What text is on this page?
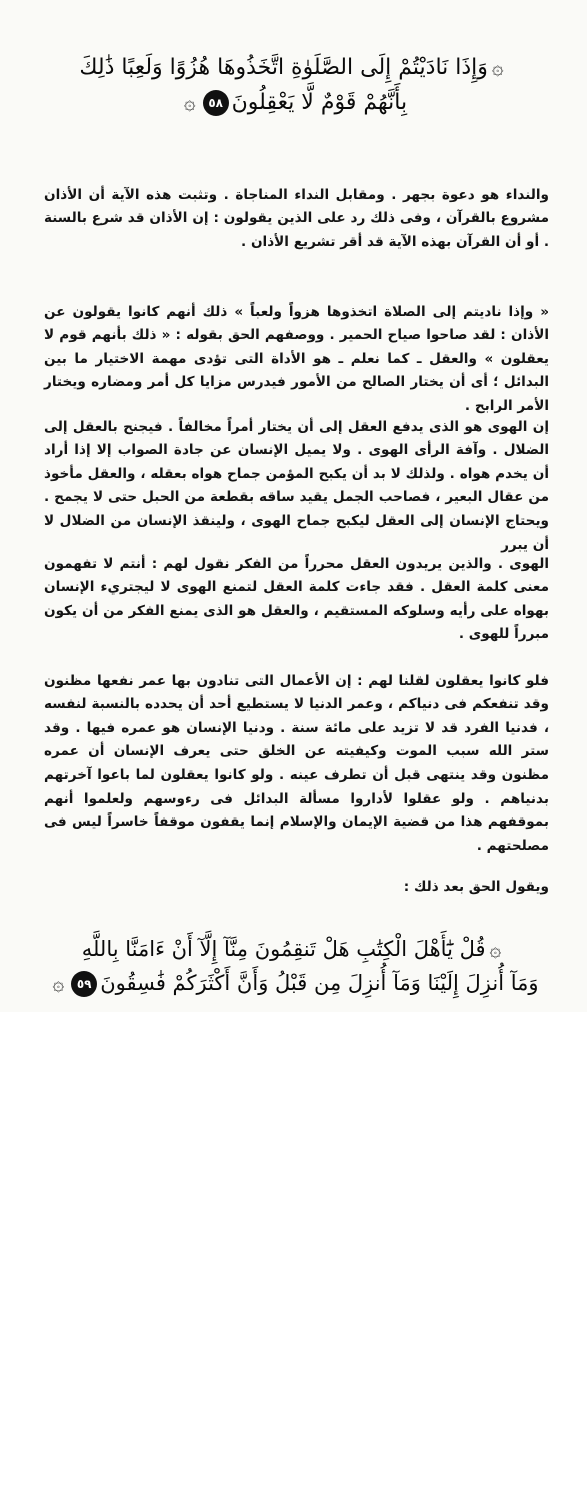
۞وَإِذَا نَادَيْتُمْ إِلَى الصَّلَوٰةِ اتَّخَذُوهَا هُزُوًا وَلَعِبًا ذَٰلِكَ
بِأَنَّهُمْ قَوْمٌ لَّا يَعْقِلُونَ٥٨۞

والنداء هو دعوة بجهر . ومقابل النداء المناجاة . وتثبت هذه الآية أن الأذان مشروع بالقرآن ، وفى ذلك رد على الذين يقولون : إن الأذان قد شرع بالسنة . أو أن القرآن بهذه الآية قد أقر تشريع الأذان .

« وإذا ناديتم إلى الصلاة اتخذوها هزواً ولعباً » ذلك أنهم كانوا يقولون عن الأذان : لقد صاحوا صياح الحمير . ووصفهم الحق بقوله : « ذلك بأنهم قوم لا يعقلون » والعقل ـ كما نعلم ـ هو الأداة التى تؤدى مهمة الاختيار ما بين البدائل ؛ أى أن يختار الصالح من الأمور فيدرس مزايا كل أمر ومضاره ويختار الأمر الرابح .

إن الهوى هو الذى يدفع العقل إلى أن يختار أمراً مخالفاً . فيجنح بالعقل إلى الضلال . وآفة الرأى الهوى . ولا يميل الإنسان عن جادة الصواب إلا إذا أراد أن يخدم هواه . ولذلك لا بد أن يكبح المؤمن جماح هواه بعقله ، والعقل مأخوذ من عقال البعير ، فصاحب الجمل يقيد ساقه بقطعة من الحبل حتى لا يجمح . ويحتاج الإنسان إلى العقل ليكبح جماح الهوى ، ولينقذ الإنسان من الضلال لا أن يبرر

الهوى . والذين يريدون العقل محرراً من الفكر نقول لهم : أنتم لا تفهمون معنى كلمة العقل . فقد جاءت كلمة العقل لتمنع الهوى لا ليجتريء الإنسان بهواه على رأيه وسلوكه المستقيم ، والعقل هو الذى يمنع الفكر من أن يكون مبرراً للهوى .

فلو كانوا يعقلون لقلنا لهم : إن الأعمال التى تنادون بها عمر نفعها مظنون وقد تنفعكم فى دنياكم ، وعمر الدنيا لا يستطيع أحد أن يحدده بالنسبة لنفسه ، فدنيا الفرد قد لا تزيد على مائة سنة . ودنيا الإنسان هو عمره فيها . وقد ستر الله سبب الموت وكيفيته عن الخلق حتى يعرف الإنسان أن عمره مظنون وقد ينتهى قبل أن تطرف عينه . ولو كانوا يعقلون لما باعوا آخرتهم بدنياهم . ولو عقلوا لأداروا مسألة البدائل فى رءوسهم ولعلموا أنهم بموقفهم هذا من قضية الإيمان والإسلام إنما يقفون موقفاً خاسراً ليس فى مصلحتهم .

ويقول الحق بعد ذلك :

۞قُلْ يَٰٓأَهْلَ الْكِتَٰبِ هَلْ تَنقِمُونَ مِنَّآ إِلَّآ أَنْ ءَامَنَّا بِاللَّهِ
وَمَآ أُنزِلَ إِلَيْنَا وَمَآ أُنزِلَ مِن قَبْلُ وَأَنَّ أَكْثَرَكُمْ فَٰسِقُونَ٥٩۞
